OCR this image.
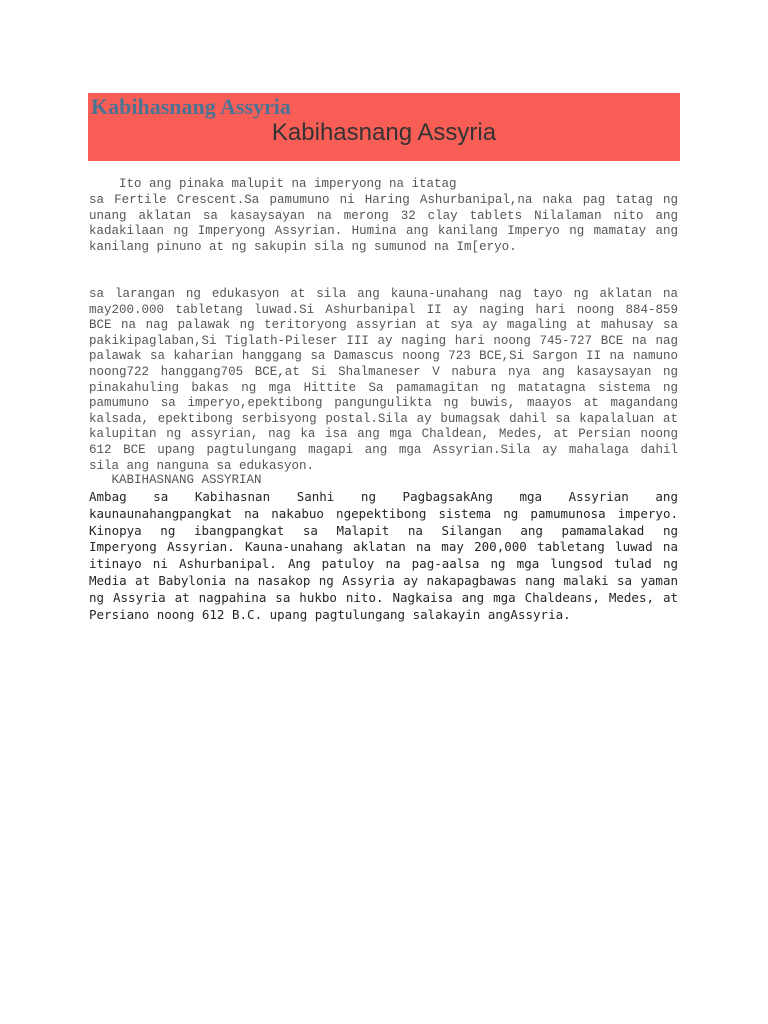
Kabihasnang Assyria
Kabihasnang Assyria
Ito ang pinaka malupit na imperyong na itatag
sa Fertile Crescent.Sa pamumuno ni Haring Ashurbanipal,na naka pag tatag ng
unang aklatan sa kasaysayan na merong 32 clay tablets Nilalaman nito ang
kadakilaan ng Imperyong Assyrian. Humina ang kanilang Imperyo ng mamatay ang
kanilang pinuno at ng sakupin sila ng sumunod na Im[eryo.
sa larangan ng edukasyon at sila ang kauna-unahang nag tayo ng aklatan na
may200.000 tabletang luwad.Si Ashurbanipal II ay naging hari noong 884-859
BCE na nag palawak ng teritoryong assyrian at sya ay magaling at mahusay sa
pakikipaglaban,Si Tiglath-Pileser III ay naging hari noong 745-727 BCE na nag
palawak sa kaharian hanggang sa Damascus noong 723 BCE,Si Sargon II na namuno
noong722 hanggang705 BCE,at Si Shalmaneser V nabura nya ang kasaysayan ng
pinakahuling bakas ng mga Hittite Sa pamamagitan ng matatagna sistema ng
pamumuno sa imperyo,epektibong pangungulikta ng buwis, maayos at magandang
kalsada, epektibong serbisyong postal.Sila ay bumagsak dahil sa kapalaluan at
kalupitan ng assyrian, nag ka isa ang mga Chaldean, Medes, at Persian noong
612 BCE upang pagtulungang magapi ang mga Assyrian.Sila ay mahalaga dahil
sila ang nanguna sa edukasyon.
KABIHASNANG ASSYRIAN
Ambag sa Kabihasnan Sanhi ng PagbagsakAng mga Assyrian ang
kaunaunahangpangkat na nakabuo ngepektibong sistema ng pamumunosa imperyo.
Kinopya ng ibangpangkat sa Malapit na Silangan ang pamamalakad ng
Imperyong Assyrian. Kauna-unahang aklatan na may 200,000 tabletang luwad na
itinayo ni Ashurbanipal. Ang patuloy na pag-aalsa ng mga lungsod tulad ng
Media at Babylonia na nasakop ng Assyria ay nakapagbawas nang malaki sa yaman
ng Assyria at nagpahina sa hukbo nito. Nagkaisa ang mga Chaldeans, Medes, at
Persiano noong 612 B.C. upang pagtulungang salakayin angAssyria.
